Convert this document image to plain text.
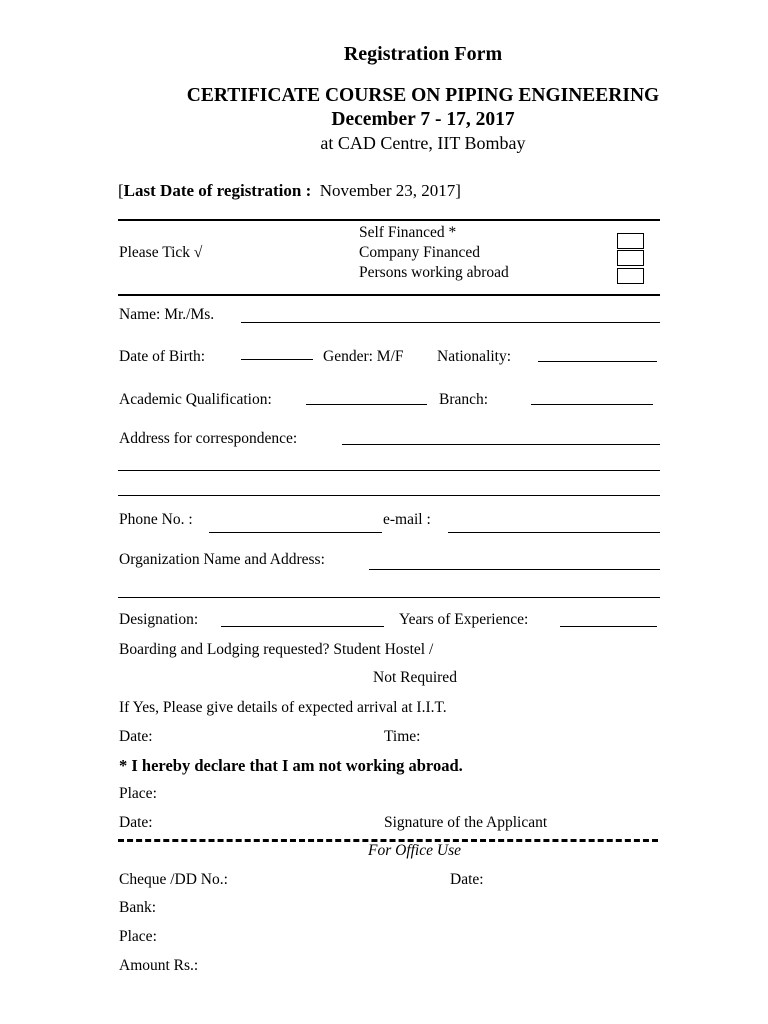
Registration Form
CERTIFICATE COURSE ON PIPING ENGINEERING
December 7 - 17, 2017
at CAD Centre, IIT Bombay
[Last Date of registration : November 23, 2017]
Please Tick √
Self Financed *
Company Financed
Persons working abroad
Name: Mr./Ms.
Date of Birth:	Gender: M/F Nationality:
Academic Qualification:	Branch:
Address for correspondence:
Phone No. :	e-mail :
Organization Name and Address:
Designation:	Years of Experience:
Boarding and Lodging requested? Student Hostel /
Not Required
If Yes, Please give details of expected arrival at I.I.T.
Date:	Time:
* I hereby declare that I am not working abroad.
Place:
Date:	Signature of the Applicant
For Office Use
Cheque /DD No.:	Date:
Bank:
Place:
Amount Rs.:
